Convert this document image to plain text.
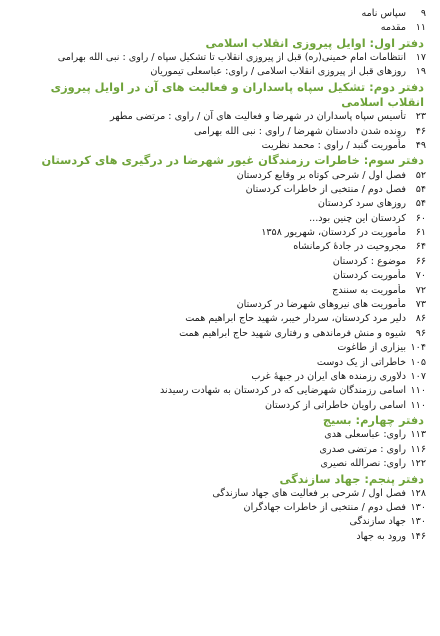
۹
سپاس نامه
۱۱
مقدمه
دفتر اول: اوایل پیروزی انقلاب اسلامی
۱۷
انتظامات امام خمینی(ره) قبل از پیروزی انقلاب تا تشکیل سپاه / راوی : نبی الله بهرامی
۱۹
روزهای قبل از پیروزی انقلاب اسلامی / راوی: عباسعلی تیموریان
دفتر دوم: تشکیل سپاه پاسداران و فعالیت های آن در اوایل پیروزی انقلاب اسلامی
۲۳
تأسیس سپاه پاسداران در شهرضا و فعالیت های آن / راوی : مرتضی مطهر
۴۶
روِنده شدن دادستان شهرضا / راوی : نبی الله بهرامی
۴۹
مأموریت گنبد / راوی : محمد نظریت
دفتر سوم: خاطرات رزمندگان غیور شهرضا در درگیری های کردستان
۵۲
فصل اول / شرحی کوتاه بر وقایع کردستان
۵۴
فصل دوم / منتخبی از خاطرات کردستان
۵۴
روزهای سرد کردستان
۶۰
کردستان این چنین بود...
۶۱
مأموریت در کردستان، شهریور ۱۳۵۸
۶۴
مجروحیت در جادۀ کرمانشاه
۶۶
موضوع : کردستان
۷۰
مأموریت کردستان
۷۲
مأموریت به سنندج
۷۳
مأموریت های نیروهای شهرضا در کردستان
۸۶
دلیر مرد کردستان، سردار خیبر، شهید حاج ابراهیم همت
۹۶
شیوه و منش فرماندهی و رفتاری شهید حاج ابراهیم همت
۱۰۴
بیزاری از طاغوت
۱۰۵
خاطراتی از یک دوست
۱۰۷
دلاوری رزمنده های ایران در جبهۀ غرب
۱۱۰
اسامی رزمندگان شهرضایی که در کردستان به شهادت رسیدند
۱۱۰
اسامی راویان خاطراتی از کردستان
دفتر چهارم: بسیج
۱۱۳
راوی: عباسعلی هدی
۱۱۶
راوی : مرتضی صدری
۱۲۲
راوی: نصرالله نصیری
دفتر پنجم: جهاد سازندگی
۱۲۸
فصل اول / شرحی بر فعالیت های جهاد سازندگی
۱۳۰
فصل دوم / منتخبی از خاطرات جهادگران
۱۳۰
جهاد سازندگی
۱۴۶
ورود به جهاد
